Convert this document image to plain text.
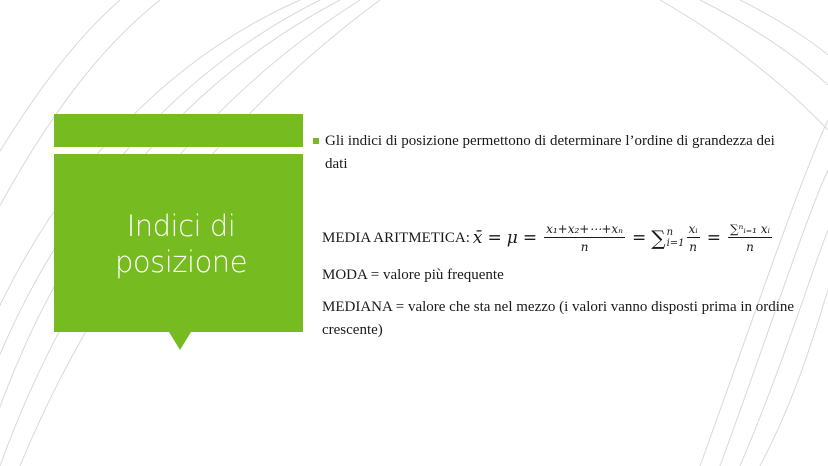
Indici di posizione
Gli indici di posizione permettono di determinare l’ordine di grandezza dei dati
MEDIA ARITMETICA: x̄ = $\mu = \frac{\text{x₁+x₂+⋯+xₙ}}{n}$ = ∑ n
$i=1 \frac{\text{xᵢ}}{n} = \frac{\text{∑ⁿᵢ₌₁ xᵢ}}{n}$
MODA = valore più frequente
MEDIANA = valore che sta nel mezzo (i valori vanno disposti prima in ordine crescente)
